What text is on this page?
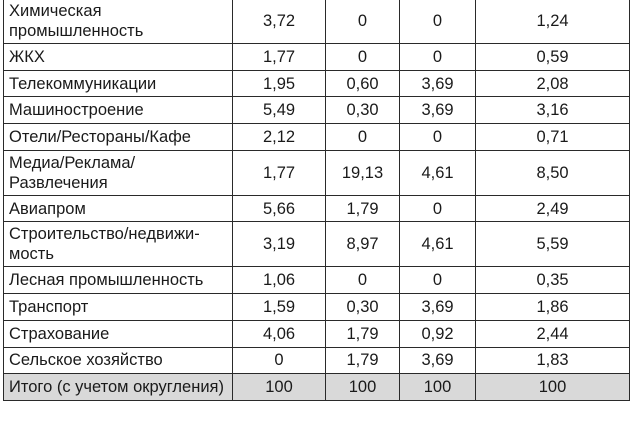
Химическая промышленность	3,72	0	0	1,24
ЖКХ	1,77	0	0	0,59
Телекоммуникации	1,95	0,60	3,69	2,08
Машиностроение	5,49	0,30	3,69	3,16
Отели/Рестораны/Кафе	2,12	0	0	0,71
Медиа/Реклама/ Развлечения	1,77	19,13	4,61	8,50
Авиапром	5,66	1,79	0	2,49
Строительство/недвижи-мость	3,19	8,97	4,61	5,59
Лесная промышленность	1,06	0	0	0,35
Транспорт	1,59	0,30	3,69	1,86
Страхование	4,06	1,79	0,92	2,44
Сельское хозяйство	0	1,79	3,69	1,83
Итого (с учетом округления)	100	100	100	100
